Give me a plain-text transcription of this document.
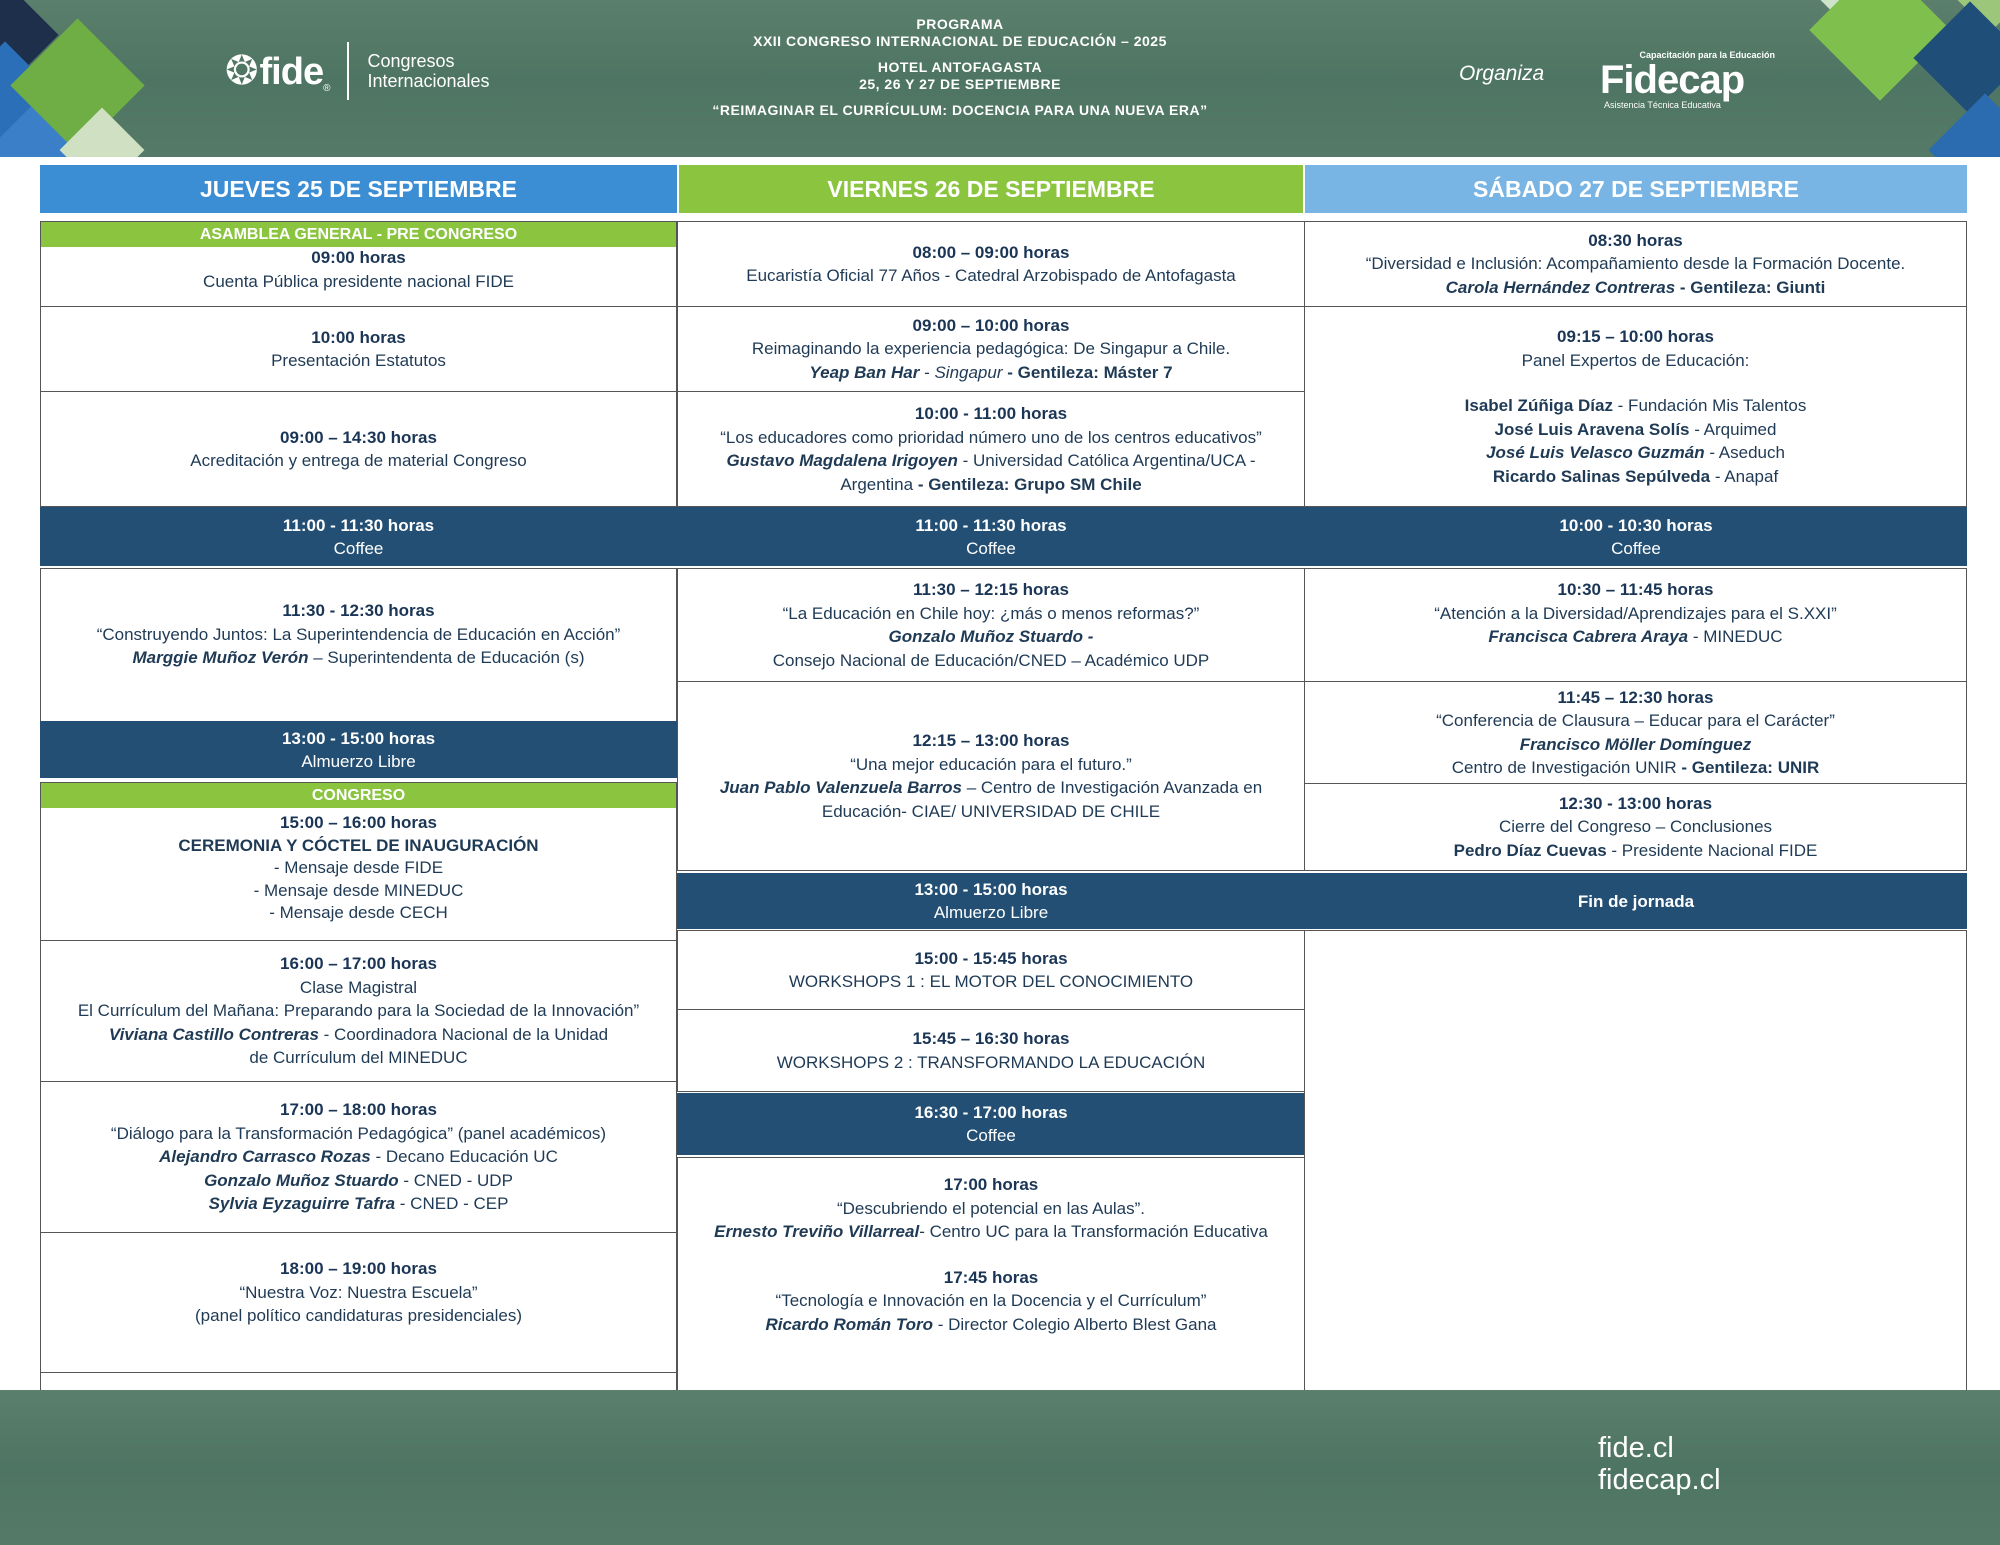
❂ fide ®
Congresos
Internacionales
PROGRAMA
XXII CONGRESO INTERNACIONAL DE EDUCACIÓN – 2025
HOTEL ANTOFAGASTA
25, 26 Y 27 DE SEPTIEMBRE
“REIMAGINAR EL CURRÍCULUM: DOCENCIA PARA UNA NUEVA ERA”
Organiza
Capacitación para la Educación
Fidecap
Asistencia Técnica Educativa
JUEVES 25 DE SEPTIEMBRE	VIERNES 26 DE SEPTIEMBRE	SÁBADO 27 DE SEPTIEMBRE
ASAMBLEA GENERAL - PRE CONGRESO
09:00 horas
Cuenta Pública presidente nacional FIDE
10:00 horas
Presentación Estatutos
09:00 – 14:30 horas
Acreditación y entrega de material Congreso
11:00 - 11:30 horas
Coffee
11:00 - 11:30 horas
Coffee
10:00 - 10:30 horas
Coffee
11:30 - 12:30 horas
“Construyendo Juntos: La Superintendencia de Educación en Acción”
Marggie Muñoz Verón – Superintendenta de Educación (s)
13:00 - 15:00 horas
Almuerzo Libre
CONGRESO
15:00 – 16:00 horas
CEREMONIA Y CÓCTEL DE INAUGURACIÓN
- Mensaje desde FIDE
- Mensaje desde MINEDUC
- Mensaje desde CECH
16:00 – 17:00 horas
Clase Magistral
El Currículum del Mañana: Preparando para la Sociedad de la Innovación”
Viviana Castillo Contreras - Coordinadora Nacional de la Unidad
de Currículum del MINEDUC
17:00 – 18:00 horas
“Diálogo para la Transformación Pedagógica” (panel académicos)
Alejandro Carrasco Rozas - Decano Educación UC
Gonzalo Muñoz Stuardo - CNED - UDP
Sylvia Eyzaguirre Tafra - CNED - CEP
18:00 – 19:00 horas
“Nuestra Voz: Nuestra Escuela”
(panel político candidaturas presidenciales)
08:00 – 09:00 horas
Eucaristía Oficial 77 Años - Catedral Arzobispado de Antofagasta
09:00 – 10:00 horas
Reimaginando la experiencia pedagógica: De Singapur a Chile.
Yeap Ban Har - Singapur - Gentileza: Máster 7
10:00 - 11:00 horas
“Los educadores como prioridad número uno de los centros educativos”
Gustavo Magdalena Irigoyen - Universidad Católica Argentina/UCA -
Argentina - Gentileza: Grupo SM Chile
11:30 – 12:15 horas
“La Educación en Chile hoy: ¿más o menos reformas?”
Gonzalo Muñoz Stuardo -
Consejo Nacional de Educación/CNED – Académico UDP
12:15 – 13:00 horas
“Una mejor educación para el futuro.”
Juan Pablo Valenzuela Barros – Centro de Investigación Avanzada en
Educación- CIAE/ UNIVERSIDAD DE CHILE
13:00 - 15:00 horas
Almuerzo Libre
15:00 - 15:45 horas
WORKSHOPS 1 : EL MOTOR DEL CONOCIMIENTO
15:45 – 16:30 horas
WORKSHOPS 2 : TRANSFORMANDO LA EDUCACIÓN
16:30 - 17:00 horas
Coffee
17:00 horas
“Descubriendo el potencial en las Aulas”.
Ernesto Treviño Villarreal- Centro UC para la Transformación Educativa
17:45 horas
“Tecnología e Innovación en la Docencia y el Currículum”
Ricardo Román Toro - Director Colegio Alberto Blest Gana
08:30 horas
“Diversidad e Inclusión: Acompañamiento desde la Formación Docente.
Carola Hernández Contreras - Gentileza: Giunti
09:15 – 10:00 horas
Panel Expertos de Educación:
Isabel Zúñiga Díaz - Fundación Mis Talentos
José Luis Aravena Solís - Arquimed
José Luis Velasco Guzmán - Aseduch
Ricardo Salinas Sepúlveda - Anapaf
10:30 – 11:45 horas
“Atención a la Diversidad/Aprendizajes para el S.XXI”
Francisca Cabrera Araya - MINEDUC
11:45 – 12:30 horas
“Conferencia de Clausura – Educar para el Carácter”
Francisco Möller Domínguez
Centro de Investigación UNIR - Gentileza: UNIR
12:30 - 13:00 horas
Cierre del Congreso – Conclusiones
Pedro Díaz Cuevas - Presidente Nacional FIDE
Fin de jornada
fide.cl
fidecap.cl
